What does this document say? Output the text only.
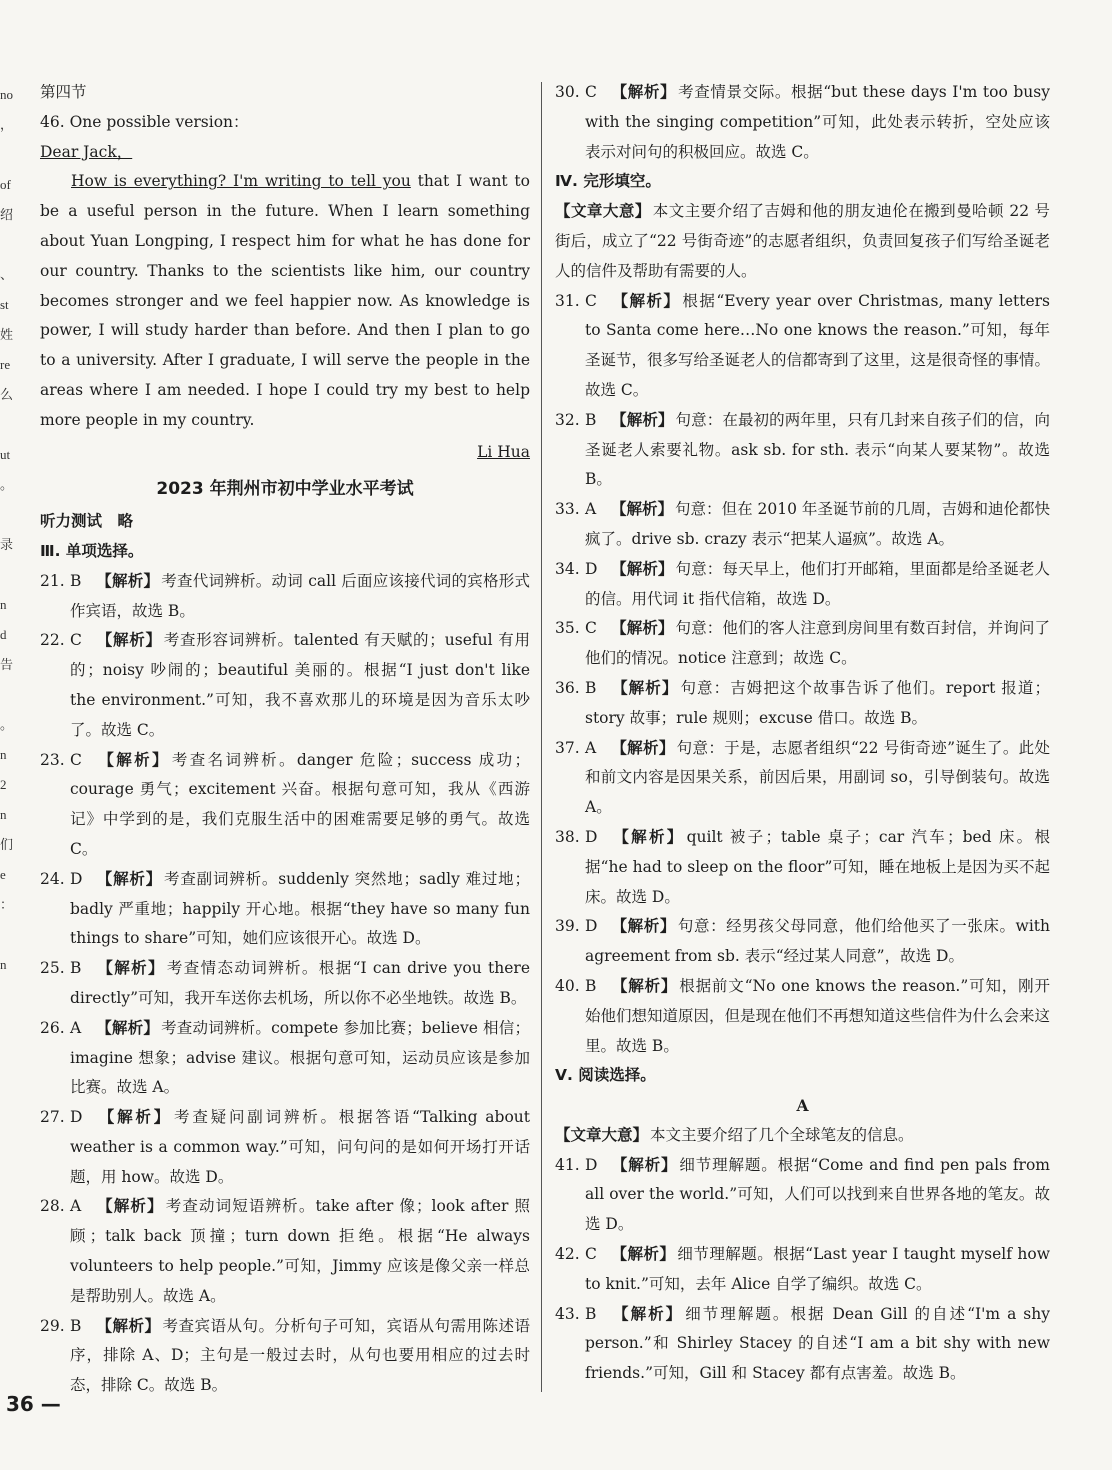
no
，

of
绍

、
st
姓
re
么

ut
。

录

n
d
告

。
n
2
n
们
e
：

n

第四节

46. One possible version：

Dear Jack，

How is everything? I'm writing to tell you that I want to be a useful person in the future. When I learn something about Yuan Longping, I respect him for what he has done for our country. Thanks to the scientists like him, our country becomes stronger and we feel happier now. As knowledge is power, I will study harder than before. And then I plan to go to a university. After I graduate, I will serve the people in the areas where I am needed. I hope I could try my best to help more people in my country.

Li Hua

2023 年荆州市初中学业水平考试

听力测试　略

Ⅲ. 单项选择。

21. B 【解析】 考查代词辨析。动词 call 后面应该接代词的宾格形式作宾语，故选 B。

22. C 【解析】 考查形容词辨析。talented 有天赋的；useful 有用的；noisy 吵闹的；beautiful 美丽的。根据“I just don't like the environment.”可知，我不喜欢那儿的环境是因为音乐太吵了。故选 C。

23. C 【解析】 考查名词辨析。danger 危险；success 成功；courage 勇气；excitement 兴奋。根据句意可知，我从《西游记》中学到的是，我们克服生活中的困难需要足够的勇气。故选 C。

24. D 【解析】 考查副词辨析。suddenly 突然地；sadly 难过地；badly 严重地；happily 开心地。根据“they have so many fun things to share”可知，她们应该很开心。故选 D。

25. B 【解析】 考查情态动词辨析。根据“I can drive you there directly”可知，我开车送你去机场，所以你不必坐地铁。故选 B。

26. A 【解析】 考查动词辨析。compete 参加比赛；believe 相信；imagine 想象；advise 建议。根据句意可知，运动员应该是参加比赛。故选 A。

27. D 【解析】 考查疑问副词辨析。根据答语“Talking about weather is a common way.”可知，问句问的是如何开场打开话题，用 how。故选 D。

28. A 【解析】 考查动词短语辨析。take after 像；look after 照顾；talk back 顶撞；turn down 拒绝。根据“He always volunteers to help people.”可知，Jimmy 应该是像父亲一样总是帮助别人。故选 A。

29. B 【解析】 考查宾语从句。分析句子可知，宾语从句需用陈述语序，排除 A、D；主句是一般过去时，从句也要用相应的过去时态，排除 C。故选 B。

30. C 【解析】 考查情景交际。根据“but these days I'm too busy with the singing competition”可知，此处表示转折，空处应该表示对问句的积极回应。故选 C。

Ⅳ. 完形填空。

【文章大意】 本文主要介绍了吉姆和他的朋友迪伦在搬到曼哈顿 22 号街后，成立了“22 号街奇迹”的志愿者组织，负责回复孩子们写给圣诞老人的信件及帮助有需要的人。

31. C 【解析】 根据“Every year over Christmas, many letters to Santa come here…No one knows the reason.”可知，每年圣诞节，很多写给圣诞老人的信都寄到了这里，这是很奇怪的事情。故选 C。

32. B 【解析】 句意：在最初的两年里，只有几封来自孩子们的信，向圣诞老人索要礼物。ask sb. for sth. 表示“向某人要某物”。故选 B。

33. A 【解析】 句意：但在 2010 年圣诞节前的几周，吉姆和迪伦都快疯了。drive sb. crazy 表示“把某人逼疯”。故选 A。

34. D 【解析】 句意：每天早上，他们打开邮箱，里面都是给圣诞老人的信。用代词 it 指代信箱，故选 D。

35. C 【解析】 句意：他们的客人注意到房间里有数百封信，并询问了他们的情况。notice 注意到；故选 C。

36. B 【解析】 句意：吉姆把这个故事告诉了他们。report 报道；story 故事；rule 规则；excuse 借口。故选 B。

37. A 【解析】 句意：于是，志愿者组织“22 号街奇迹”诞生了。此处和前文内容是因果关系，前因后果，用副词 so，引导倒装句。故选 A。

38. D 【解析】 quilt 被子；table 桌子；car 汽车；bed 床。根据“he had to sleep on the floor”可知，睡在地板上是因为买不起床。故选 D。

39. D 【解析】 句意：经男孩父母同意，他们给他买了一张床。with agreement from sb. 表示“经过某人同意”，故选 D。

40. B 【解析】 根据前文“No one knows the reason.”可知，刚开始他们想知道原因，但是现在他们不再想知道这些信件为什么会来这里。故选 B。

Ⅴ. 阅读选择。

A

【文章大意】 本文主要介绍了几个全球笔友的信息。

41. D 【解析】 细节理解题。根据“Come and find pen pals from all over the world.”可知，人们可以找到来自世界各地的笔友。故选 D。

42. C 【解析】 细节理解题。根据“Last year I taught myself how to knit.”可知，去年 Alice 自学了编织。故选 C。

43. B 【解析】 细节理解题。根据 Dean Gill 的自述“I'm a shy person.”和 Shirley Stacey 的自述“I am a bit shy with new friends.”可知，Gill 和 Stacey 都有点害羞。故选 B。

36 —
